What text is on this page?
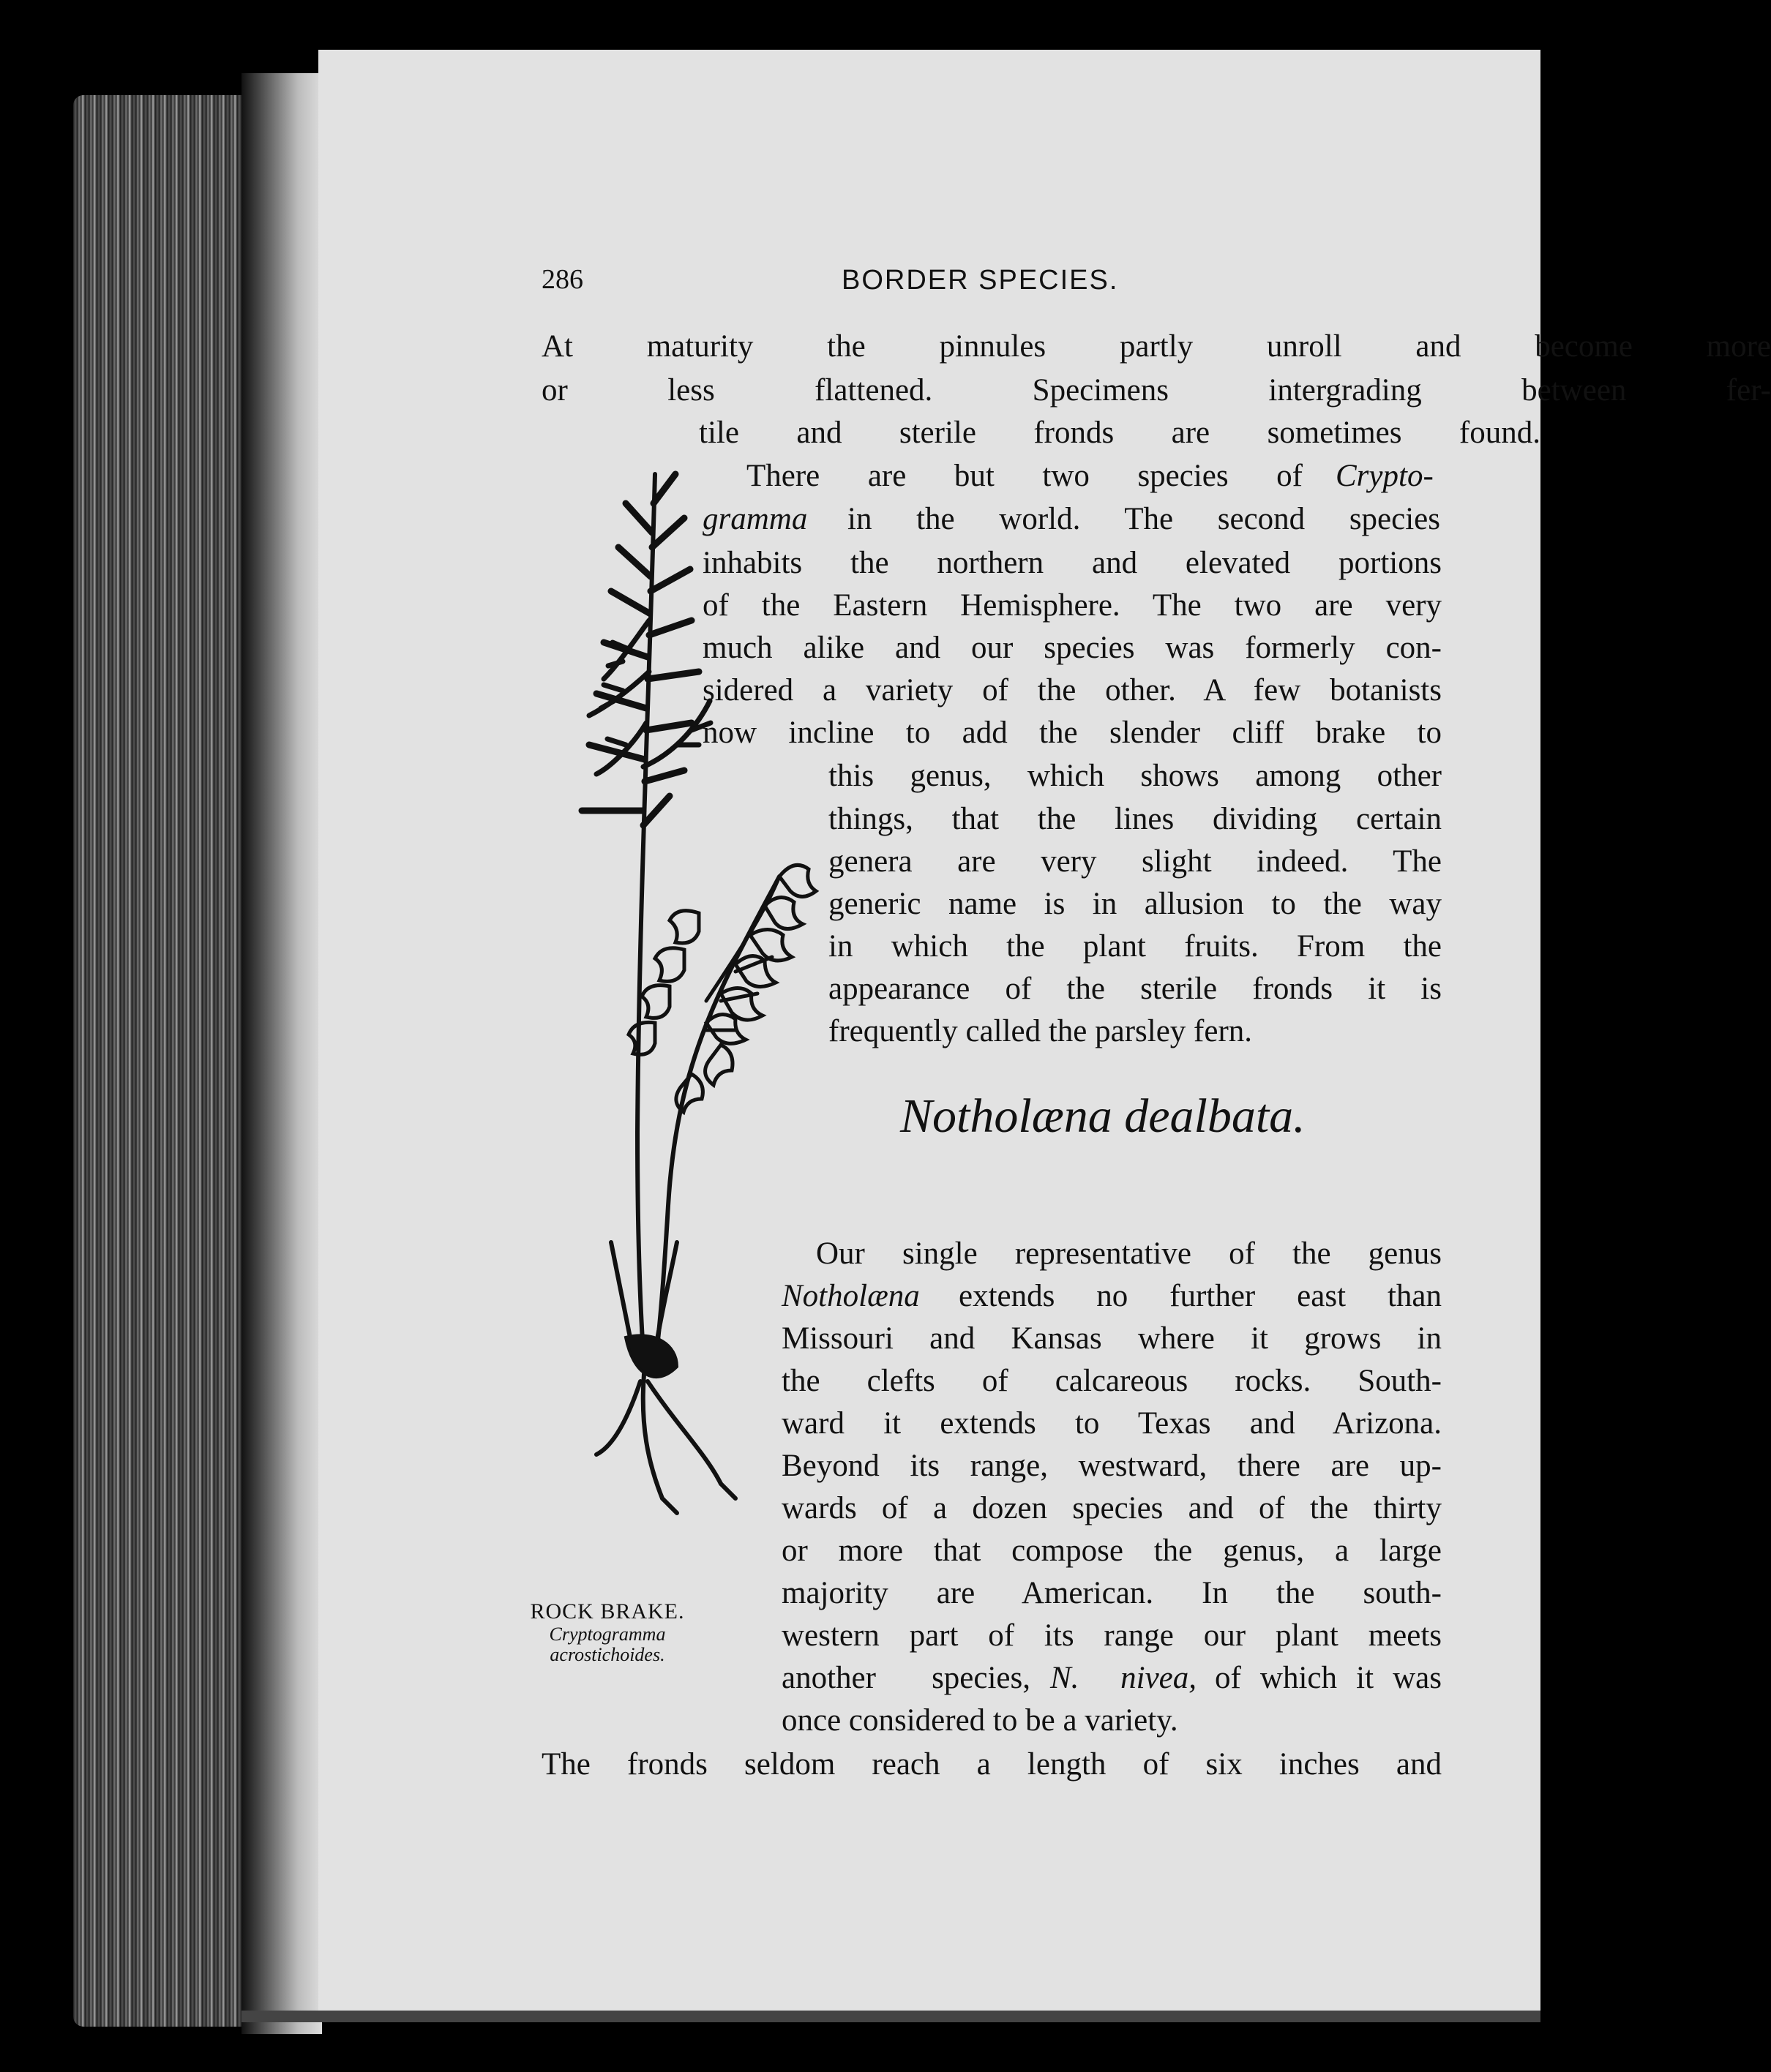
286	BORDER SPECIES.
At maturity the pinnules partly unroll and become more
or less flattened. Specimens intergrading between fer-
tile and sterile fronds are sometimes found.
There are but two species of Crypto-
gramma	in the world. The second species
inhabits the northern and elevated portions
of the Eastern Hemisphere. The two are very
much alike and our species was formerly con-
sidered a variety of the other. A few botanists
now incline to add the slender cliff brake to
this genus, which shows among other
things, that the lines dividing certain
genera are very slight indeed. The
generic name is in allusion to the way
in which the plant fruits. From the
appearance of the sterile fronds it is
frequently called the parsley fern.
Notholæna dealbata.
Our single representative of the genus
Notholæna	extends no further east than
Missouri and Kansas where it grows in
the clefts of calcareous rocks. South-
ward it extends to Texas and Arizona.
Beyond its range, westward, there are up-
wards of a dozen species and of the thirty
or more that compose the genus, a large
majority are American. In the south-
western part of its range our plant meets
another species, N. nivea, of which it was
once considered to be a variety.
The fronds seldom reach a length of six inches and
ROCK BRAKE.
Cryptogramma
acrostichoides.
